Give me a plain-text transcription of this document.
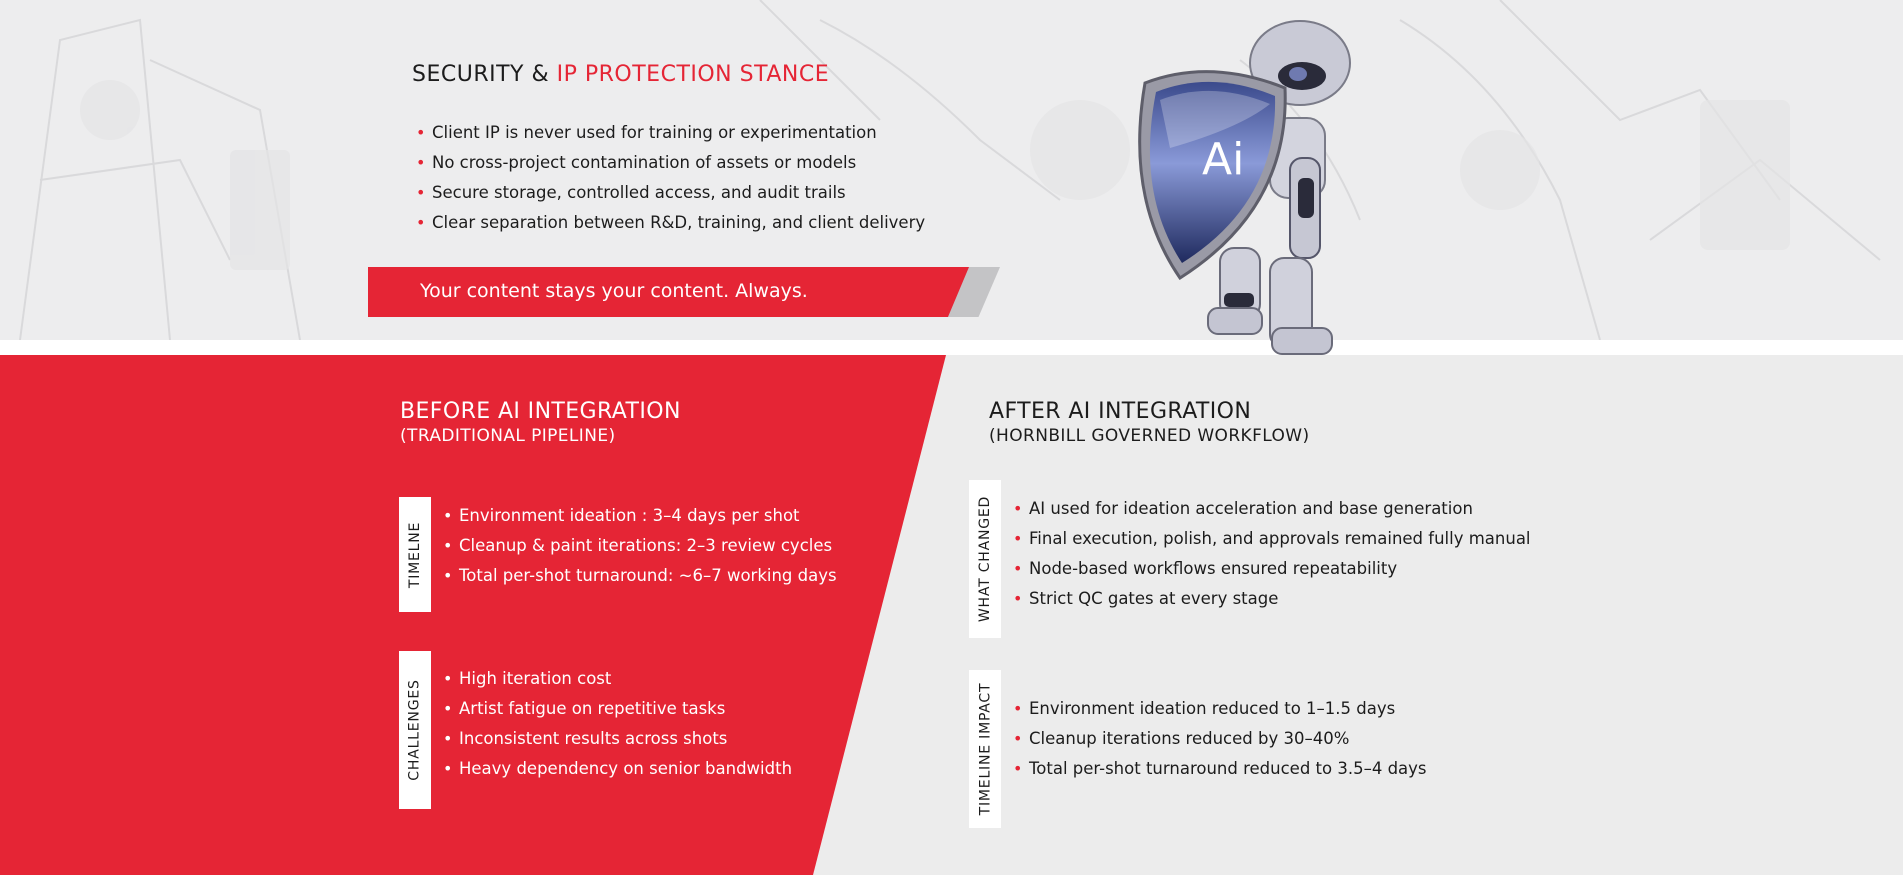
SECURITY & IP PROTECTION STANCE
• Client IP is never used for training or experimentation
• No cross-project contamination of assets or models
• Secure storage, controlled access, and audit trails
• Clear separation between R&D, training, and client delivery
Your content stays your content. Always.
Ai
BEFORE AI INTEGRATION
(TRADITIONAL PIPELINE)
TIMELNE
• Environment ideation : 3–4 days per shot
• Cleanup & paint iterations: 2–3 review cycles
• Total per-shot turnaround: ~6–7 working days
CHALLENGES
• High iteration cost
• Artist fatigue on repetitive tasks
• Inconsistent results across shots
• Heavy dependency on senior bandwidth
AFTER AI INTEGRATION
(HORNBILL GOVERNED WORKFLOW)
WHAT CHANGED • AI used for ideation acceleration and base generation
• Final execution, polish, and approvals remained fully manual
• Node-based workflows ensured repeatability
• Strict QC gates at every stage
TIMELINE IMPACT • Environment ideation reduced to 1–1.5 days
• Cleanup iterations reduced by 30–40%
• Total per-shot turnaround reduced to 3.5–4 days
